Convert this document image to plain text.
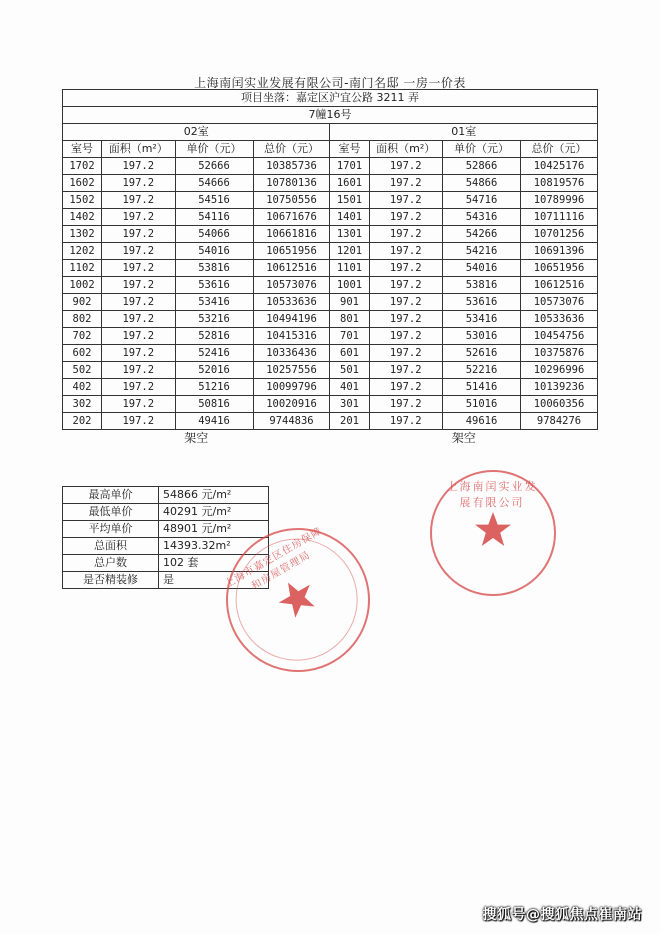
上海南闰实业发展有限公司-南门名邸 一房一价表
项目坐落：嘉定区沪宜公路 3211 弄							
7幢16号							
02室				01室			
室号	面积（m²）	单价（元）	总价（元）	室号	面积（m²）	单价（元）	总价（元）
1702	197.2	52666	10385736	1701	197.2	52866	10425176
1602	197.2	54666	10780136	1601	197.2	54866	10819576
1502	197.2	54516	10750556	1501	197.2	54716	10789996
1402	197.2	54116	10671676	1401	197.2	54316	10711116
1302	197.2	54066	10661816	1301	197.2	54266	10701256
1202	197.2	54016	10651956	1201	197.2	54216	10691396
1102	197.2	53816	10612516	1101	197.2	54016	10651956
1002	197.2	53616	10573076	1001	197.2	53816	10612516
902	197.2	53416	10533636	901	197.2	53616	10573076
802	197.2	53216	10494196	801	197.2	53416	10533636
702	197.2	52816	10415316	701	197.2	53016	10454756
602	197.2	52416	10336436	601	197.2	52616	10375876
502	197.2	52016	10257556	501	197.2	52216	10296996
402	197.2	51216	10099796	401	197.2	51416	10139236
302	197.2	50816	10020916	301	197.2	51016	10060356
202	197.2	49416	9744836	201	197.2	49616	9784276
架空				架空			
最高单价	54866 元/m²
最低单价	40291 元/m²
平均单价	48901 元/m²
总面积	14393.32m²
总户数	102 套
是否精装修	是
上海南闰实业发展有限公司
上海市嘉定区住房保障和房屋管理局
搜狐号@搜狐焦点崔南站
